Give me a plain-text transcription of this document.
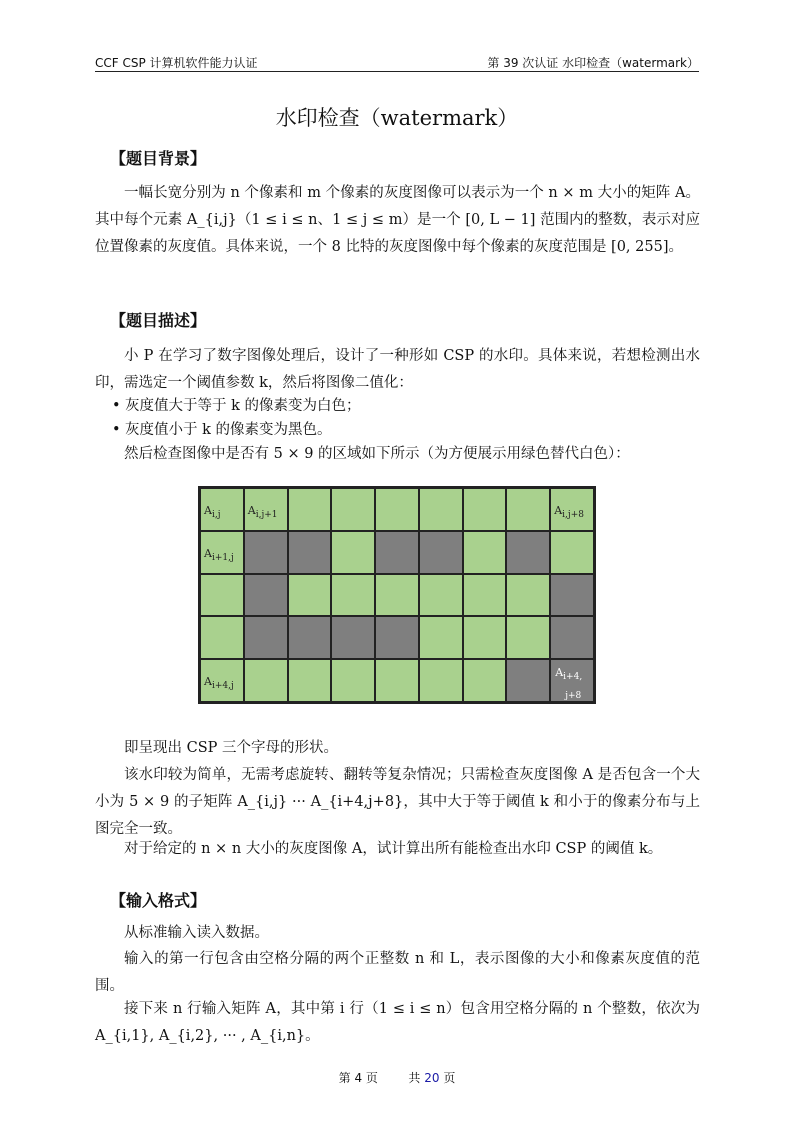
CCF CSP 计算机软件能力认证	第 39 次认证 水印检查（watermark）
水印检查（watermark）
【题目背景】
一幅长宽分别为 n 个像素和 m 个像素的灰度图像可以表示为一个 n × m 大小的矩阵 A。其中每个元素 A_{i,j}（1 ≤ i ≤ n、1 ≤ j ≤ m）是一个 [0, L − 1] 范围内的整数，表示对应位置像素的灰度值。具体来说，一个 8 比特的灰度图像中每个像素的灰度范围是 [0, 255]。
【题目描述】
小 P 在学习了数字图像处理后，设计了一种形如 CSP 的水印。具体来说，若想检测出水印，需选定一个阈值参数 k，然后将图像二值化：
• 灰度值大于等于 k 的像素变为白色；
• 灰度值小于 k 的像素变为黑色。
然后检查图像中是否有 5 × 9 的区域如下所示（为方便展示用绿色替代白色）：
$A_{i,j}$ $A_{i,j+1}$	$A_{i,j+8}$
$A_{i+1,j}$
$A_{i+4,j}$
$A_{i+4,}$
$_{j+8}$
即呈现出 CSP 三个字母的形状。
该水印较为简单，无需考虑旋转、翻转等复杂情况；只需检查灰度图像 A 是否包含一个大小为 5 × 9 的子矩阵 A_{i,j} ··· A_{i+4,j+8}，其中大于等于阈值 k 和小于的像素分布与上图完全一致。
对于给定的 n × n 大小的灰度图像 A，试计算出所有能检查出水印 CSP 的阈值 k。
【输入格式】
从标准输入读入数据。
输入的第一行包含由空格分隔的两个正整数 n 和 L，表示图像的大小和像素灰度值的范围。
接下来 n 行输入矩阵 A，其中第 i 行（1 ≤ i ≤ n）包含用空格分隔的 n 个整数，依次为 A_{i,1}, A_{i,2}, ··· , A_{i,n}。
第 4 页	共 20 页
